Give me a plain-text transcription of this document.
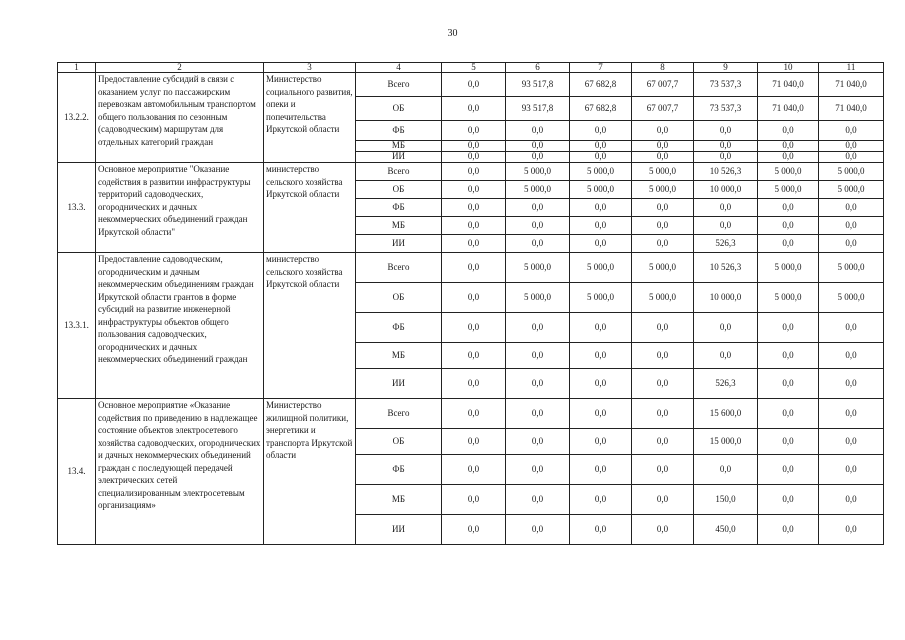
30
1	2	3	4	5	6	7	8	9	10	11
13.2.2.	Предоставление субсидий в связи с оказанием услуг по пассажирским перевозкам автомобильным транспортом общего пользования по сезонным (садоводческим) маршрутам для отдельных категорий граждан	Министерство социального развития, опеки и попечительства Иркутской области	Всего	0,0	93 517,8	67 682,8	67 007,7	73 537,3	71 040,0	71 040,0
			ОБ	0,0	93 517,8	67 682,8	67 007,7	73 537,3	71 040,0	71 040,0
			ФБ	0,0	0,0	0,0	0,0	0,0	0,0	0,0
			МБ	0,0	0,0	0,0	0,0	0,0	0,0	0,0
			ИИ	0,0	0,0	0,0	0,0	0,0	0,0	0,0
13.3.	Основное мероприятие "Оказание содействия в развитии инфраструктуры территорий садоводческих, огороднических и дачных некоммерческих объединений граждан Иркутской области"	министерство сельского хозяйства Иркутской области	Всего	0,0	5 000,0	5 000,0	5 000,0	10 526,3	5 000,0	5 000,0
			ОБ	0,0	5 000,0	5 000,0	5 000,0	10 000,0	5 000,0	5 000,0
			ФБ	0,0	0,0	0,0	0,0	0,0	0,0	0,0
			МБ	0,0	0,0	0,0	0,0	0,0	0,0	0,0
			ИИ	0,0	0,0	0,0	0,0	526,3	0,0	0,0
13.3.1.	Предоставление садоводческим, огородническим и дачным некоммерческим объединениям граждан Иркутской области грантов в форме субсидий на развитие инженерной инфраструктуры объектов общего пользования садоводческих, огороднических и дачных некоммерческих объединений граждан	министерство сельского хозяйства Иркутской области	Всего	0,0	5 000,0	5 000,0	5 000,0	10 526,3	5 000,0	5 000,0
			ОБ	0,0	5 000,0	5 000,0	5 000,0	10 000,0	5 000,0	5 000,0
			ФБ	0,0	0,0	0,0	0,0	0,0	0,0	0,0
			МБ	0,0	0,0	0,0	0,0	0,0	0,0	0,0
			ИИ	0,0	0,0	0,0	0,0	526,3	0,0	0,0
13.4.	Основное мероприятие «Оказание содействия по приведению в надлежащее состояние объектов электросетевого хозяйства садоводческих, огороднических и дачных некоммерческих объединений граждан с последующей передачей электрических сетей специализированным электросетевым организациям»	Министерство жилищной политики, энергетики и транспорта Иркутской области	Всего	0,0	0,0	0,0	0,0	15 600,0	0,0	0,0
			ОБ	0,0	0,0	0,0	0,0	15 000,0	0,0	0,0
			ФБ	0,0	0,0	0,0	0,0	0,0	0,0	0,0
			МБ	0,0	0,0	0,0	0,0	150,0	0,0	0,0
			ИИ	0,0	0,0	0,0	0,0	450,0	0,0	0,0
